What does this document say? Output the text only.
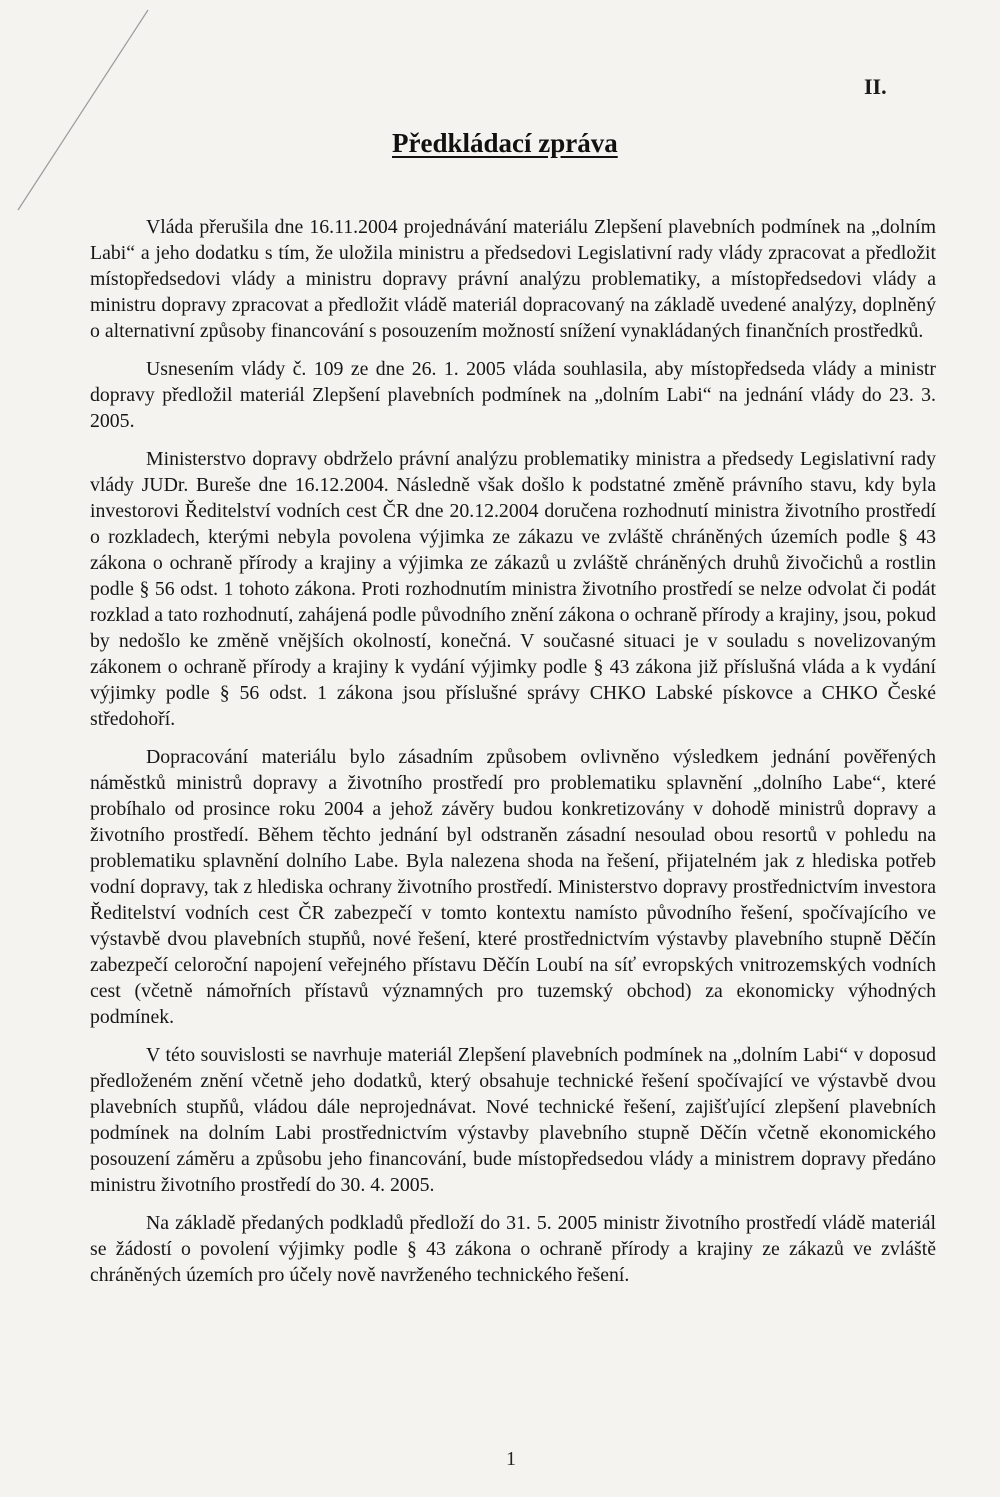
II.
Předkládací zpráva

Vláda přerušila dne 16.11.2004 projednávání materiálu Zlepšení plavebních podmínek na „dolním Labi“ a jeho dodatku s tím, že uložila ministru a předsedovi Legislativní rady vlády zpracovat a předložit místopředsedovi vlády a ministru dopravy právní analýzu problematiky, a místopředsedovi vlády a ministru dopravy zpracovat a předložit vládě materiál dopracovaný na základě uvedené analýzy, doplněný o alternativní způsoby financování s posouzením možností snížení vynakládaných finančních prostředků.

Usnesením vlády č. 109 ze dne 26. 1. 2005 vláda souhlasila, aby místopředseda vlády a ministr dopravy předložil materiál Zlepšení plavebních podmínek na „dolním Labi“ na jednání vlády do 23. 3. 2005.

Ministerstvo dopravy obdrželo právní analýzu problematiky ministra a předsedy Legislativní rady vlády JUDr. Bureše dne 16.12.2004. Následně však došlo k podstatné změně právního stavu, kdy byla investorovi Ředitelství vodních cest ČR dne 20.12.2004 doručena rozhodnutí ministra životního prostředí o rozkladech, kterými nebyla povolena výjimka ze zákazu ve zvláště chráněných územích podle § 43 zákona o ochraně přírody a krajiny a výjimka ze zákazů u zvláště chráněných druhů živočichů a rostlin podle § 56 odst. 1 tohoto zákona. Proti rozhodnutím ministra životního prostředí se nelze odvolat či podát rozklad a tato rozhodnutí, zahájená podle původního znění zákona o ochraně přírody a krajiny, jsou, pokud by nedošlo ke změně vnějších okolností, konečná. V současné situaci je v souladu s novelizovaným zákonem o ochraně přírody a krajiny k vydání výjimky podle § 43 zákona již příslušná vláda a k vydání výjimky podle § 56 odst. 1 zákona jsou příslušné správy CHKO Labské pískovce a CHKO České středohoří.

Dopracování materiálu bylo zásadním způsobem ovlivněno výsledkem jednání pověřených náměstků ministrů dopravy a životního prostředí pro problematiku splavnění „dolního Labe“, které probíhalo od prosince roku 2004 a jehož závěry budou konkretizovány v dohodě ministrů dopravy a životního prostředí. Během těchto jednání byl odstraněn zásadní nesoulad obou resortů v pohledu na problematiku splavnění dolního Labe. Byla nalezena shoda na řešení, přijatelném jak z hlediska potřeb vodní dopravy, tak z hlediska ochrany životního prostředí. Ministerstvo dopravy prostřednictvím investora Ředitelství vodních cest ČR zabezpečí v tomto kontextu namísto původního řešení, spočívajícího ve výstavbě dvou plavebních stupňů, nové řešení, které prostřednictvím výstavby plavebního stupně Děčín zabezpečí celoroční napojení veřejného přístavu Děčín Loubí na síť evropských vnitrozemských vodních cest (včetně námořních přístavů významných pro tuzemský obchod) za ekonomicky výhodných podmínek.

V této souvislosti se navrhuje materiál Zlepšení plavebních podmínek na „dolním Labi“ v doposud předloženém znění včetně jeho dodatků, který obsahuje technické řešení spočívající ve výstavbě dvou plavebních stupňů, vládou dále neprojednávat. Nové technické řešení, zajišťující zlepšení plavebních podmínek na dolním Labi prostřednictvím výstavby plavebního stupně Děčín včetně ekonomického posouzení záměru a způsobu jeho financování, bude místopředsedou vlády a ministrem dopravy předáno ministru životního prostředí do 30. 4. 2005.

Na základě předaných podkladů předloží do 31. 5. 2005 ministr životního prostředí vládě materiál se žádostí o povolení výjimky podle § 43 zákona o ochraně přírody a krajiny ze zákazů ve zvláště chráněných územích pro účely nově navrženého technického řešení.

1
